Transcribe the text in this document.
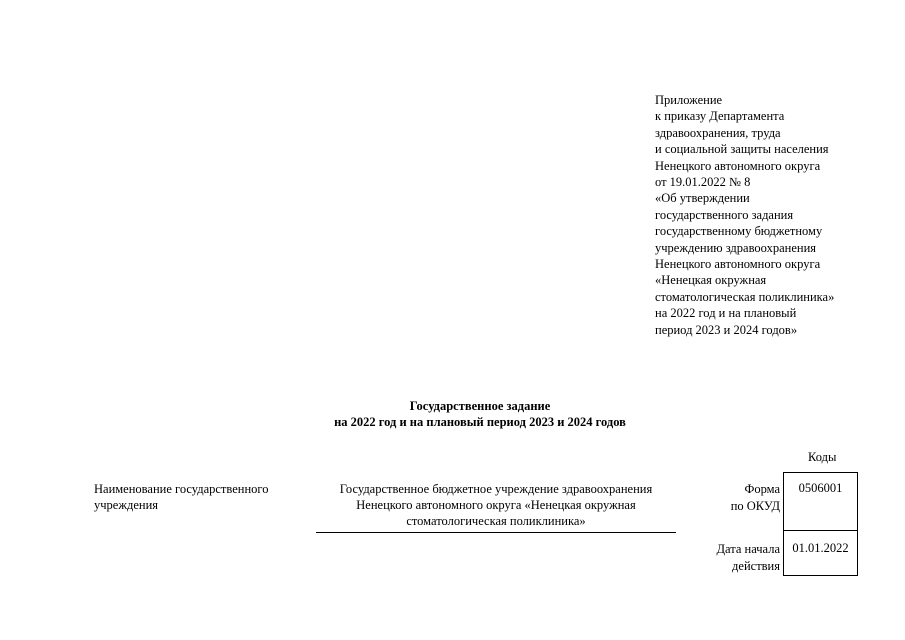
Приложение
к приказу Департамента
здравоохранения, труда
и социальной защиты населения
Ненецкого автономного округа
от 19.01.2022 № 8
«Об утверждении
государственного задания
государственному бюджетному
учреждению здравоохранения
Ненецкого автономного округа
«Ненецкая окружная
стоматологическая поликлиника»
на 2022 год и на плановый
период 2023 и 2024 годов»
Государственное задание
на 2022 год и на плановый период 2023 и 2024 годов
Коды
Наименование государственного учреждения
Государственное бюджетное учреждение здравоохранения Ненецкого автономного округа «Ненецкая окружная стоматологическая поликлиника»
Форма
по ОКУД
Дата начала
действия
0506001
01.01.2022
